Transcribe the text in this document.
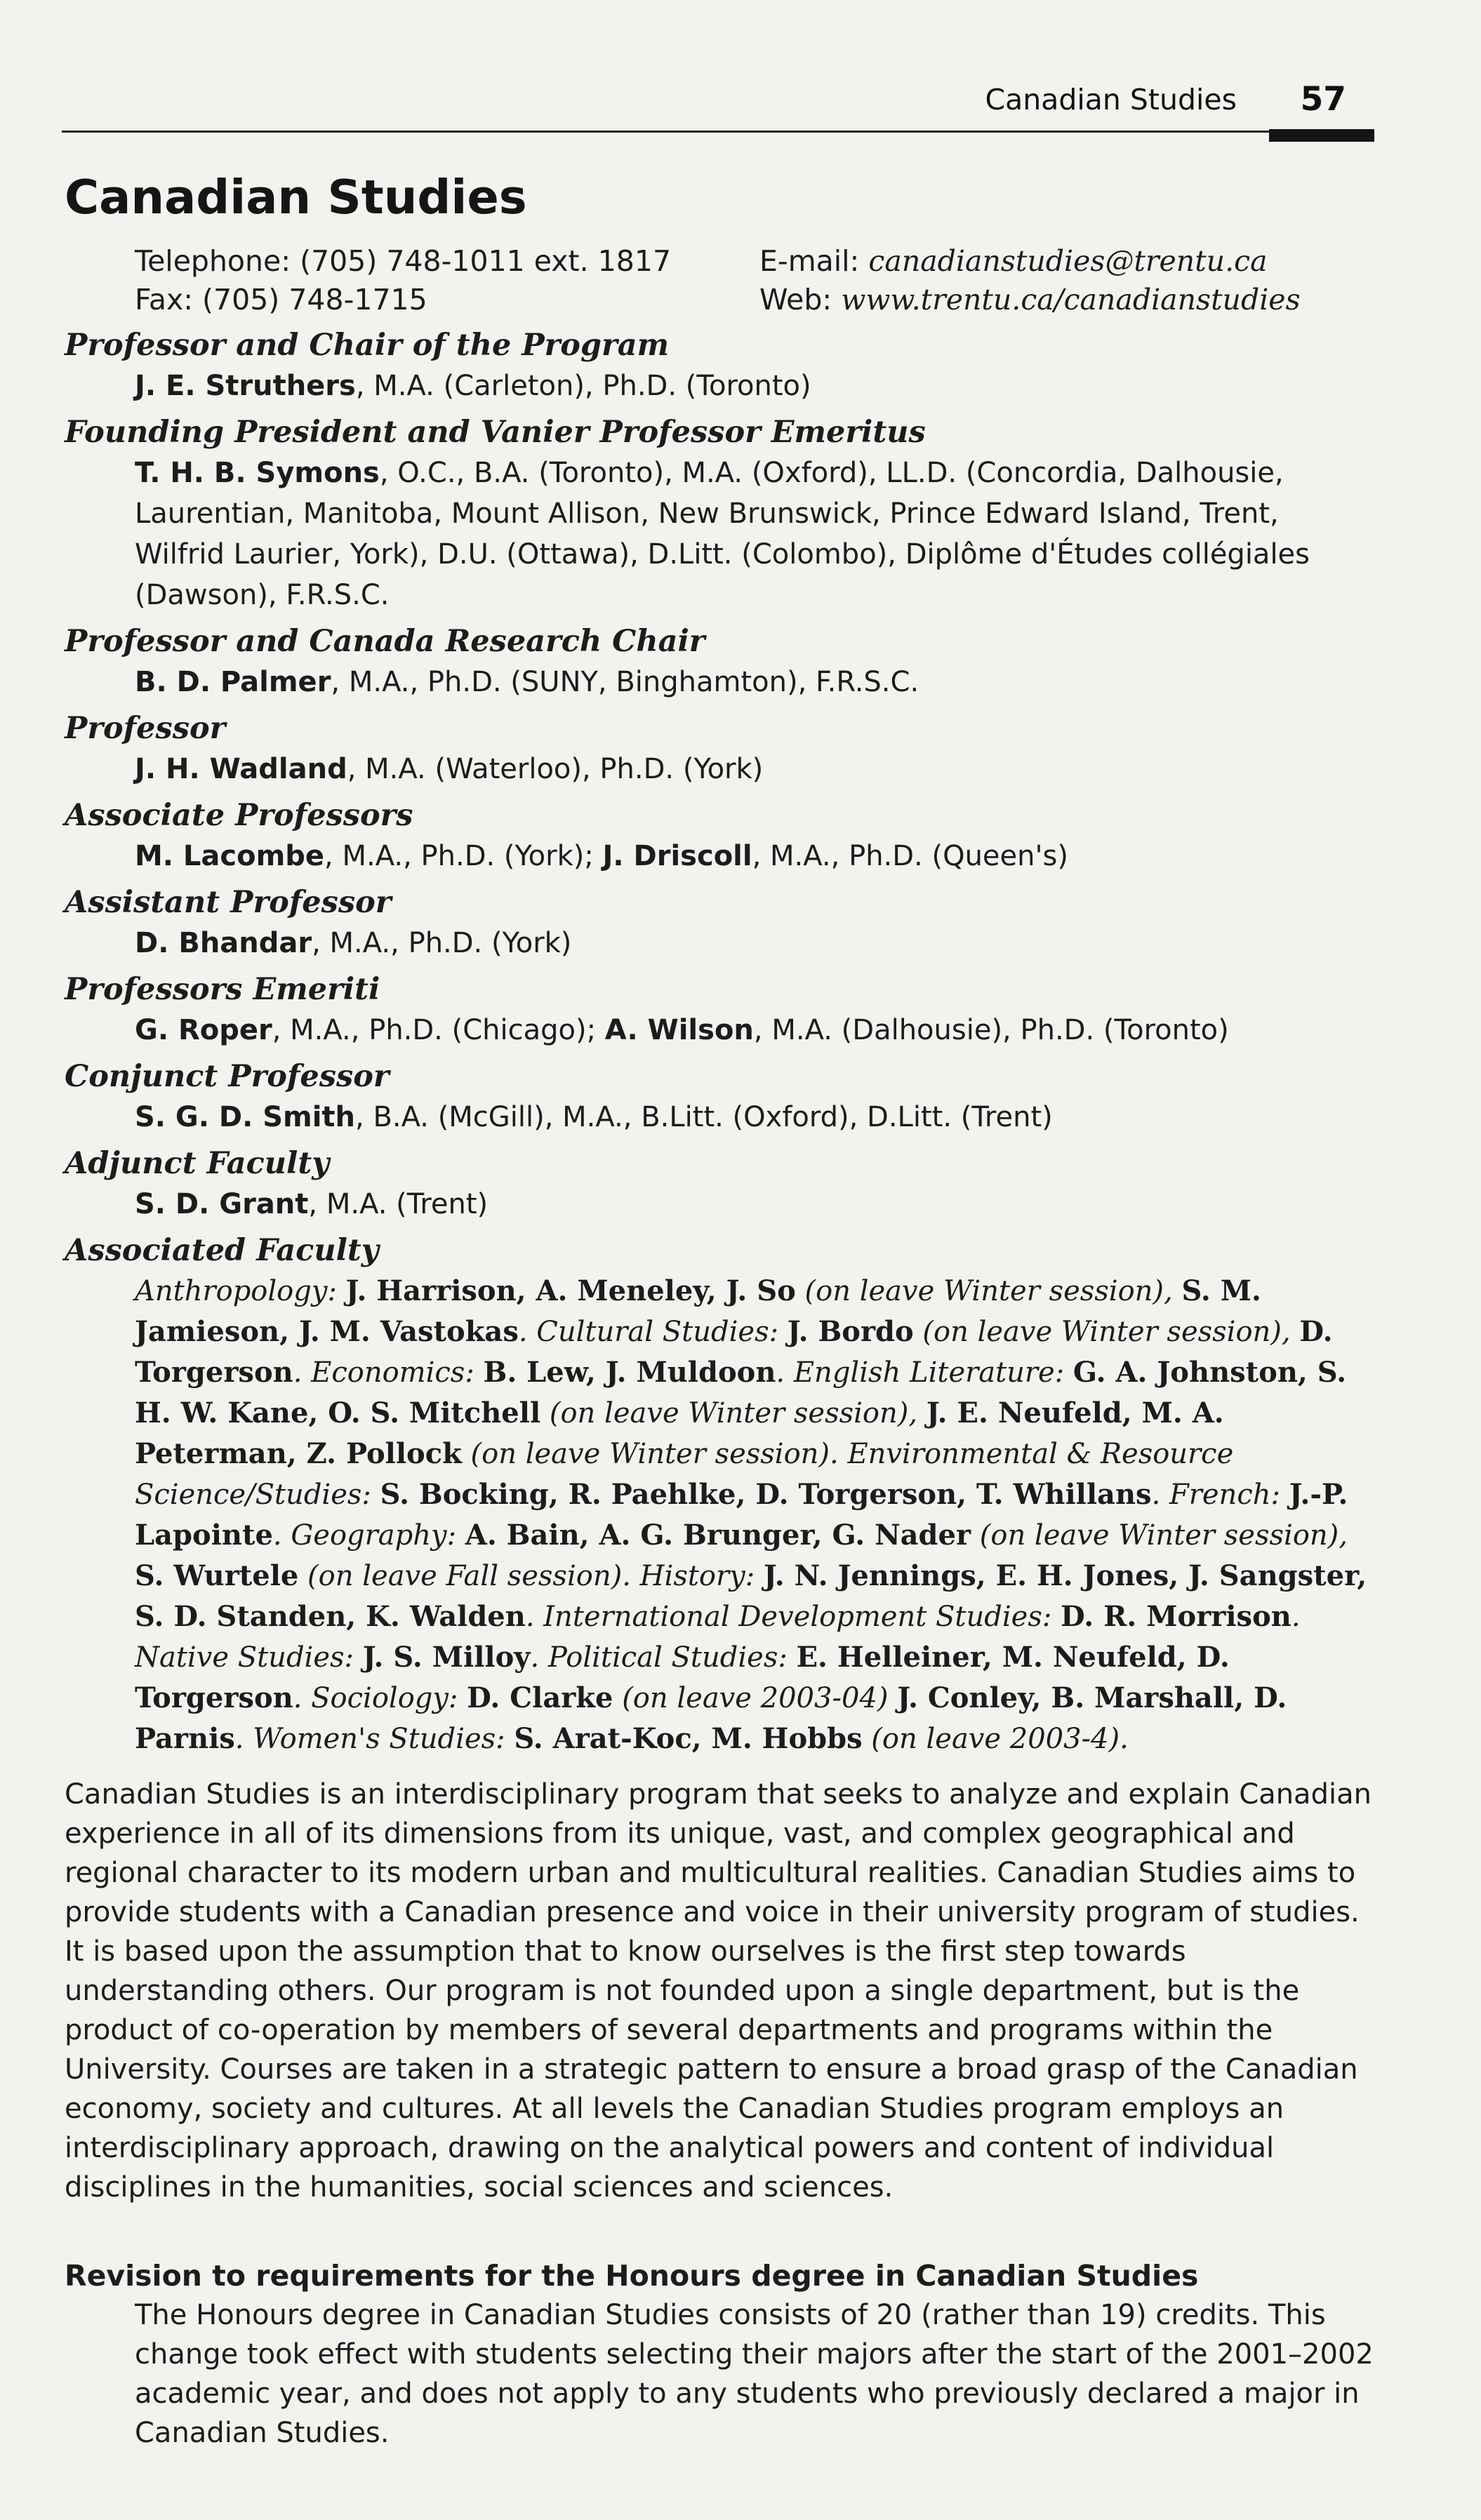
Canadian Studies 57
Canadian Studies
Telephone: (705) 748-1011 ext. 1817	E-mail: canadianstudies@trentu.ca
Fax: (705) 748-1715	Web: www.trentu.ca/canadianstudies
Professor and Chair of the Program
J. E. Struthers, M.A. (Carleton), Ph.D. (Toronto)
Founding President and Vanier Professor Emeritus
T. H. B. Symons, O.C., B.A. (Toronto), M.A. (Oxford), LL.D. (Concordia, Dalhousie, Laurentian, Manitoba, Mount Allison, New Brunswick, Prince Edward Island, Trent, Wilfrid Laurier, York), D.U. (Ottawa), D.Litt. (Colombo), Diplôme d'Études collégiales (Dawson), F.R.S.C.
Professor and Canada Research Chair
B. D. Palmer, M.A., Ph.D. (SUNY, Binghamton), F.R.S.C.
Professor
J. H. Wadland, M.A. (Waterloo), Ph.D. (York)
Associate Professors
M. Lacombe, M.A., Ph.D. (York); J. Driscoll, M.A., Ph.D. (Queen's)
Assistant Professor
D. Bhandar, M.A., Ph.D. (York)
Professors Emeriti
G. Roper, M.A., Ph.D. (Chicago); A. Wilson, M.A. (Dalhousie), Ph.D. (Toronto)
Conjunct Professor
S. G. D. Smith, B.A. (McGill), M.A., B.Litt. (Oxford), D.Litt. (Trent)
Adjunct Faculty
S. D. Grant, M.A. (Trent)
Associated Faculty
Anthropology: J. Harrison, A. Meneley, J. So (on leave Winter session), S. M. Jamieson, J. M. Vastokas. Cultural Studies: J. Bordo (on leave Winter session), D. Torgerson. Economics: B. Lew, J. Muldoon. English Literature: G. A. Johnston, S. H. W. Kane, O. S. Mitchell (on leave Winter session), J. E. Neufeld, M. A. Peterman, Z. Pollock (on leave Winter session). Environmental & Resource Science/Studies: S. Bocking, R. Paehlke, D. Torgerson, T. Whillans. French: J.-P. Lapointe. Geography: A. Bain, A. G. Brunger, G. Nader (on leave Winter session), S. Wurtele (on leave Fall session). History: J. N. Jennings, E. H. Jones, J. Sangster, S. D. Standen, K. Walden. International Development Studies: D. R. Morrison. Native Studies: J. S. Milloy. Political Studies: E. Helleiner, M. Neufeld, D. Torgerson. Sociology: D. Clarke (on leave 2003-04) J. Conley, B. Marshall, D. Parnis. Women's Studies: S. Arat-Koc, M. Hobbs (on leave 2003-4).
Canadian Studies is an interdisciplinary program that seeks to analyze and explain Canadian experience in all of its dimensions from its unique, vast, and complex geographical and regional character to its modern urban and multicultural realities. Canadian Studies aims to provide students with a Canadian presence and voice in their university program of studies. It is based upon the assumption that to know ourselves is the first step towards understanding others. Our program is not founded upon a single department, but is the product of co-operation by members of several departments and programs within the University. Courses are taken in a strategic pattern to ensure a broad grasp of the Canadian economy, society and cultures. At all levels the Canadian Studies program employs an interdisciplinary approach, drawing on the analytical powers and content of individual disciplines in the humanities, social sciences and sciences.
Revision to requirements for the Honours degree in Canadian Studies
The Honours degree in Canadian Studies consists of 20 (rather than 19) credits. This change took effect with students selecting their majors after the start of the 2001–2002 academic year, and does not apply to any students who previously declared a major in Canadian Studies.
